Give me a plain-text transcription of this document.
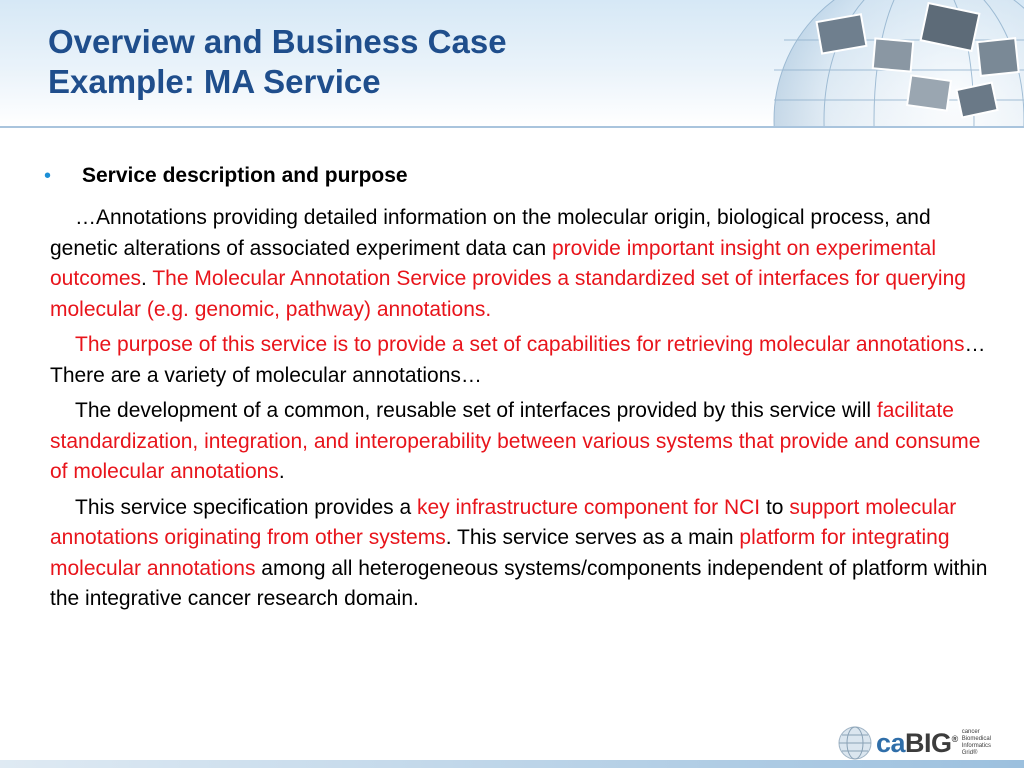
Overview and Business Case
Example: MA Service
•	Service description and purpose

…Annotations providing detailed information on the molecular origin, biological process, and genetic alterations of associated experiment data can provide important insight on experimental outcomes. The Molecular Annotation Service provides a standardized set of interfaces for querying molecular (e.g. genomic, pathway) annotations.

The purpose of this service is to provide a set of capabilities for retrieving molecular annotations… There are a variety of molecular annotations…

The development of a common, reusable set of interfaces provided by this service will facilitate standardization, integration, and interoperability between various systems that provide and consume of molecular annotations.

This service specification provides a key infrastructure component for NCI to support molecular annotations originating from other systems. This service serves as a main platform for integrating molecular annotations among all heterogeneous systems/components independent of platform within the integrative cancer research domain.

caBIG®
cancer Biomedical Informatics Grid®
